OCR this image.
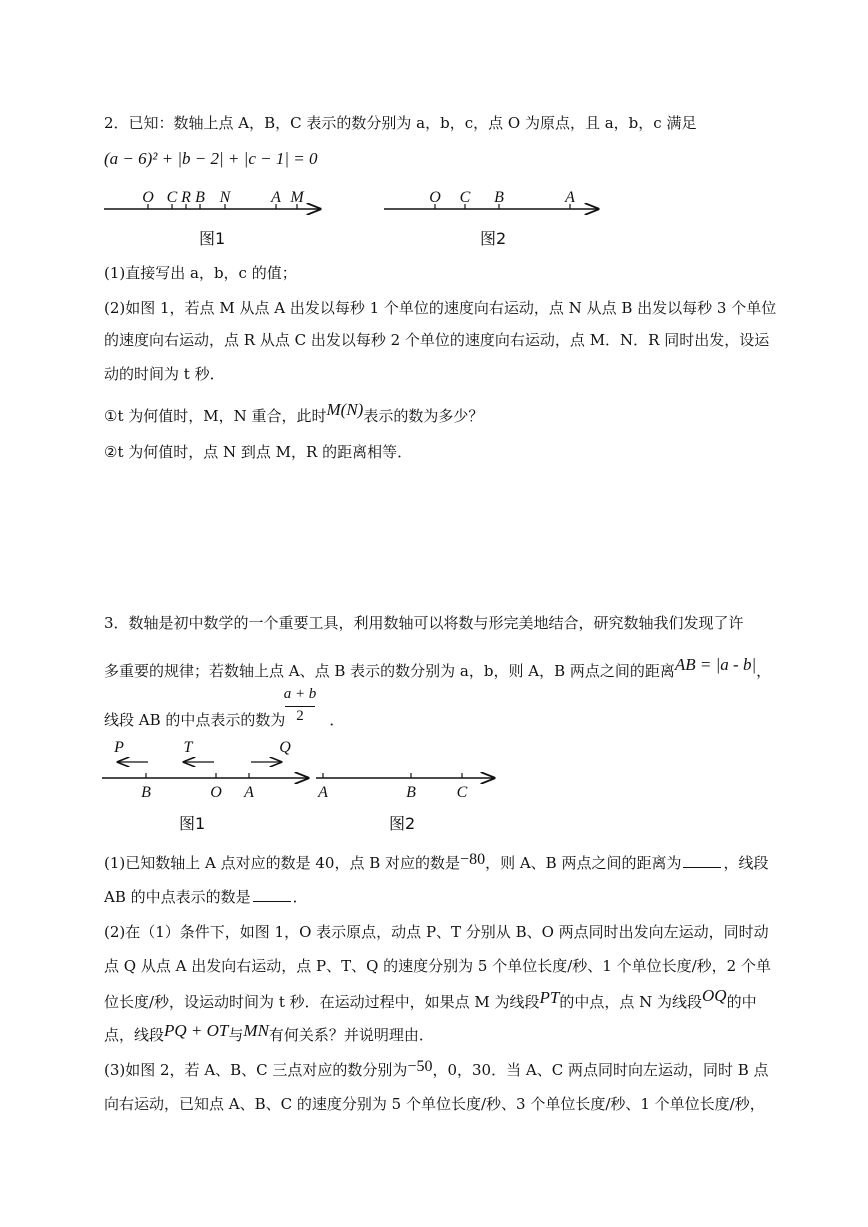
2．已知：数轴上点 A，B，C 表示的数分别为 a，b，c，点 O 为原点，且 a，b，c 满足
(a − 6)² + |b − 2| + |c − 1| = 0
O C R B N	A M
图1
O C B	A
图2
(1)直接写出 a，b，c 的值；
(2)如图 1，若点 M 从点 A 出发以每秒 1 个单位的速度向右运动，点 N 从点 B 出发以每秒 3 个单位
的速度向右运动，点 R 从点 C 出发以每秒 2 个单位的速度向右运动，点 M．N．R 同时出发，设运
动的时间为 t 秒．
①t 为何值时，M，N 重合，此时M(N)表示的数为多少？
②t 为何值时，点 N 到点 M，R 的距离相等．
3．数轴是初中数学的一个重要工具，利用数轴可以将数与形完美地结合，研究数轴我们发现了许
多重要的规律；若数轴上点 A、点 B 表示的数分别为 a，b，则 A，B 两点之间的距离AB = |a - b|，
线段 AB 的中点表示的数为	．
a + b
2
P	T	Q
B	O A
图1
A	B	C
图2
(1)已知数轴上 A 点对应的数是 40，点 B 对应的数是−80，则 A、B 两点之间的距离为	，线段
AB 的中点表示的数是	．
(2)在（1）条件下，如图 1，O 表示原点，动点 P、T 分别从 B、O 两点同时出发向左运动，同时动
点 Q 从点 A 出发向右运动，点 P、T、Q 的速度分别为 5 个单位长度/秒、1 个单位长度/秒，2 个单
位长度/秒，设运动时间为 t 秒．在运动过程中，如果点 M 为线段PT的中点，点 N 为线段OQ的中
点，线段PQ + OT与MN有何关系？并说明理由．
(3)如图 2，若 A、B、C 三点对应的数分别为−50，0，30．当 A、C 两点同时向左运动，同时 B 点
向右运动，已知点 A、B、C 的速度分别为 5 个单位长度/秒、3 个单位长度/秒、1 个单位长度/秒，
